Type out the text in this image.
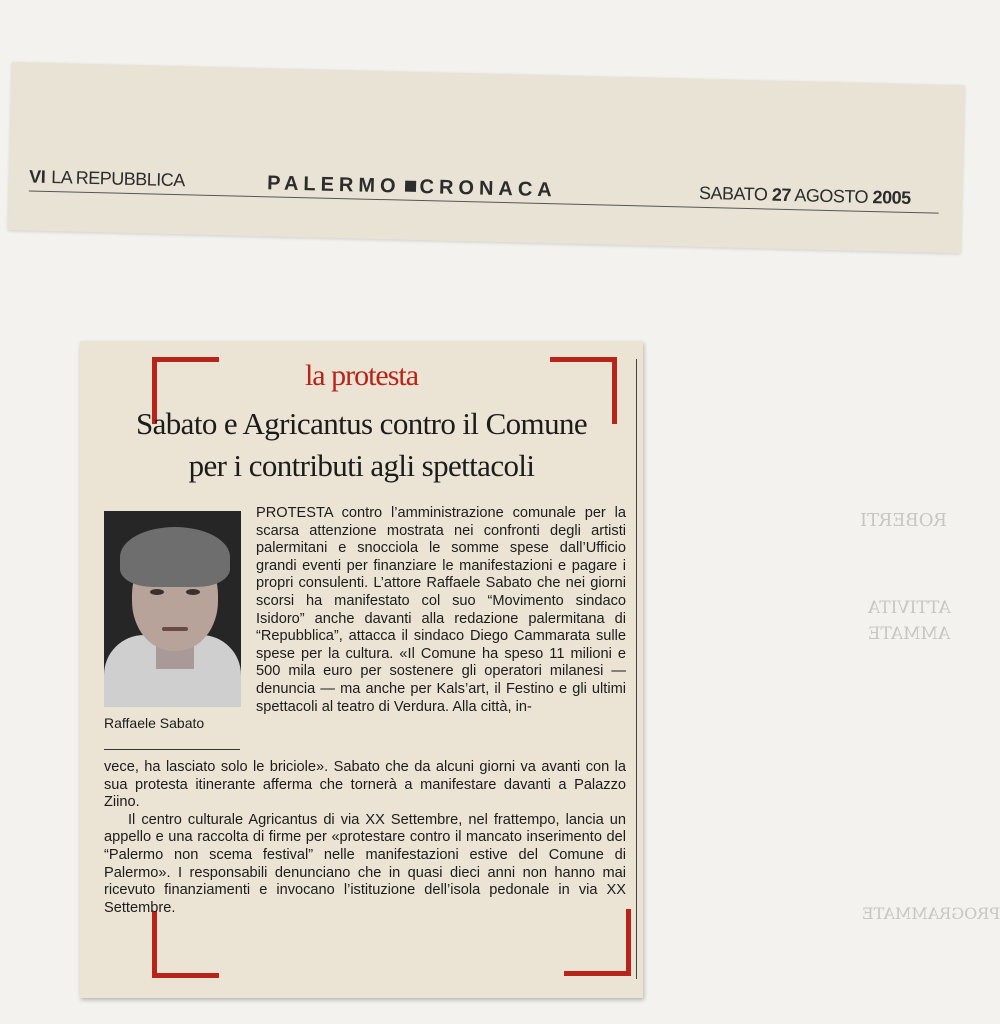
ROBERTI
ATTIVITA
AMMATE
PROGRAMMATE
VI LA REPUBBLICA	PALERMO CRONACA	SABATO 27 AGOSTO 2005
la protesta
Sabato e Agricantus contro il Comune
per i contributi agli spettacoli
Raffaele Sabato

PROTESTA contro l’amministrazione comunale per la scarsa attenzione mostrata nei confronti degli artisti palermitani e snocciola le somme spese dall’Ufficio grandi eventi per finanziare le manifestazioni e pagare i propri consulenti. L’attore Raffaele Sabato che nei giorni scorsi ha manifestato col suo “Movimento sindaco Isidoro” anche davanti alla redazione palermitana di “Repubblica”, attacca il sindaco Diego Cammarata sulle spese per la cultura. «Il Comune ha speso 11 milioni e 500 mila euro per sostenere gli operatori milanesi — denuncia — ma anche per Kals’art, il Festino e gli ultimi spettacoli al teatro di Verdura. Alla città, in-

vece, ha lasciato solo le briciole». Sabato che da alcuni giorni va avanti con la sua protesta itinerante afferma che tornerà a manifestare davanti a Palazzo Ziino.

Il centro culturale Agricantus di via XX Settembre, nel frattempo, lancia un appello e una raccolta di firme per «protestare contro il mancato inserimento del “Palermo non scema festival” nelle manifestazioni estive del Comune di Palermo». I responsabili denunciano che in quasi dieci anni non hanno mai ricevuto finanziamenti e invocano l’istituzione dell’isola pedonale in via XX Settembre.
